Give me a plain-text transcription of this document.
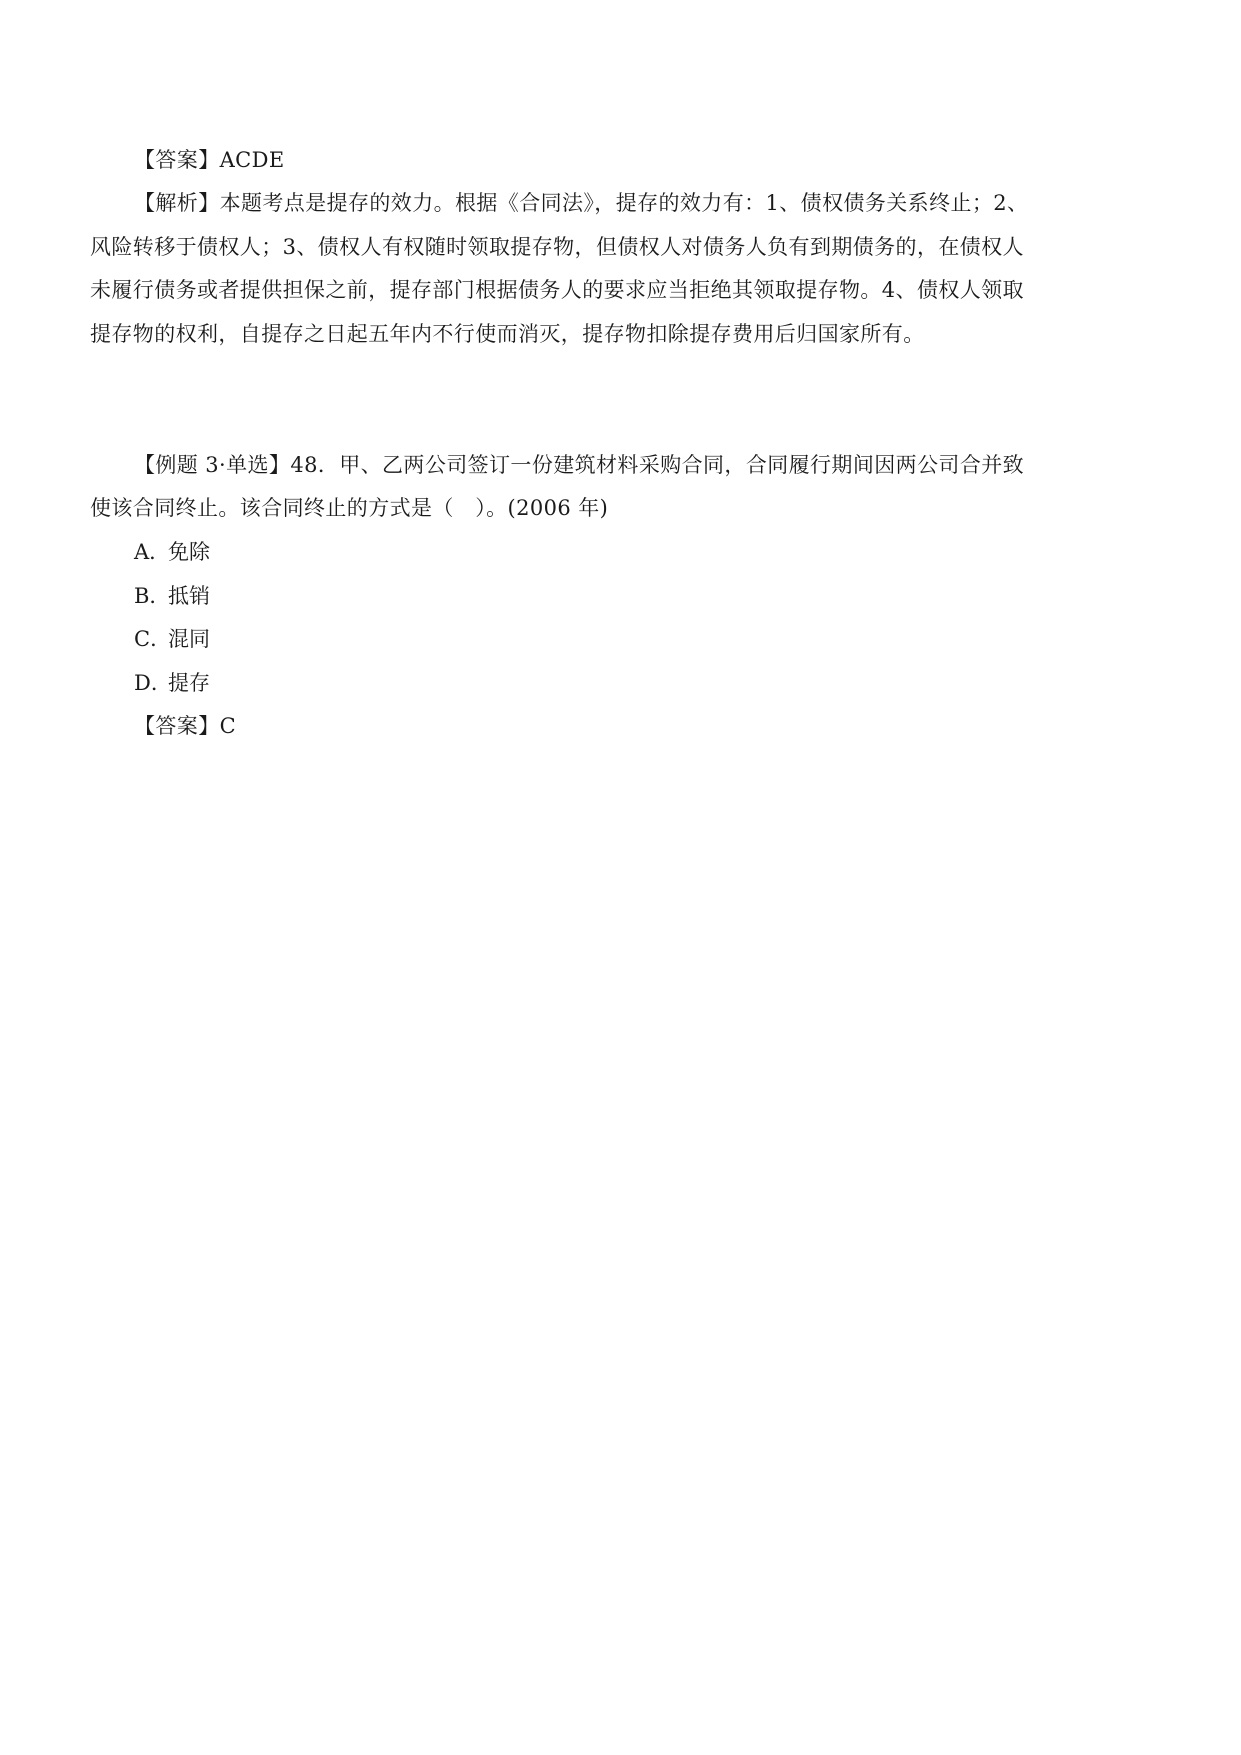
【答案】ACDE
【解析】本题考点是提存的效力。根据《合同法》，提存的效力有：1、债权债务关系终止；2、
风险转移于债权人；3、债权人有权随时领取提存物，但债权人对债务人负有到期债务的，在债权人
未履行债务或者提供担保之前，提存部门根据债务人的要求应当拒绝其领取提存物。4、债权人领取
提存物的权利，自提存之日起五年内不行使而消灭，提存物扣除提存费用后归国家所有。
【例题 3·单选】48．甲、乙两公司签订一份建筑材料采购合同，合同履行期间因两公司合并致
使该合同终止。该合同终止的方式是（　）。(2006 年)
A．免除
B．抵销
C．混同
D．提存
【答案】C
